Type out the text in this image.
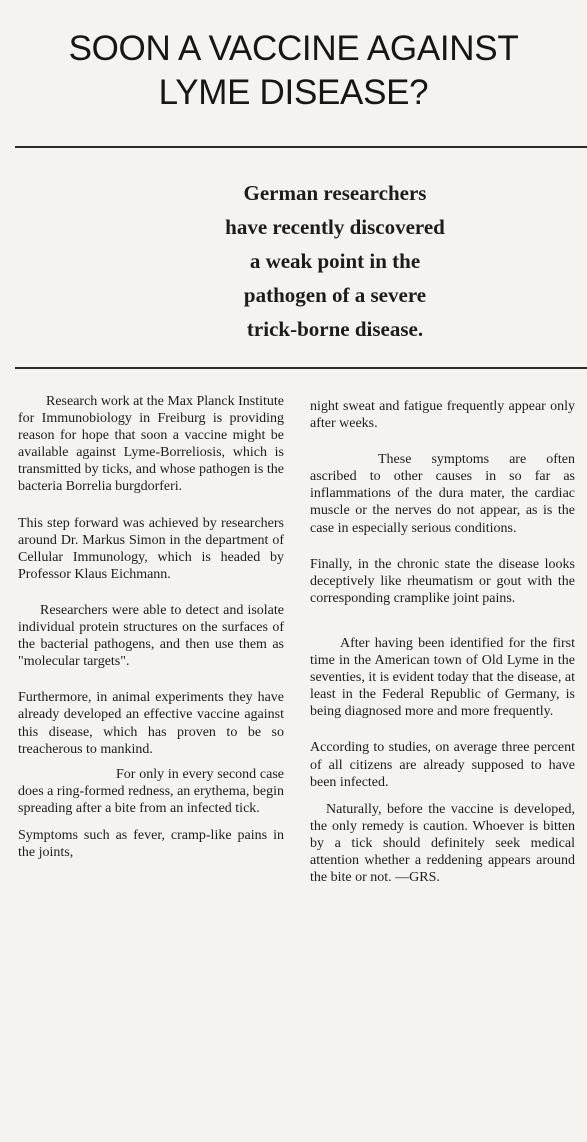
SOON A VACCINE AGAINST
LYME DISEASE?
German researchers
have recently discovered
a weak point in the
pathogen of a severe
trick-borne disease.

Research work at the Max Planck Institute for Immunobiology in Freiburg is providing reason for hope that soon a vaccine might be available against Lyme-Borreliosis, which is transmitted by ticks, and whose pathogen is the bacteria Borrelia burgdorferi.

This step forward was achieved by researchers around Dr. Markus Simon in the department of Cellular Immunology, which is headed by Professor Klaus Eichmann.

Researchers were able to detect and isolate individual protein structures on the surfaces of the bacterial pathogens, and then use them as "molecular targets".

Furthermore, in animal experiments they have already developed an effective vaccine against this disease, which has proven to be so treacherous to mankind.

For only in every second case does a ring-formed redness, an erythema, begin spreading after a bite from an infected tick.

Symptoms such as fever, cramp-like pains in the joints,

night sweat and fatigue frequently appear only after weeks.

These symptoms are often ascribed to other causes in so far as inflammations of the dura mater, the cardiac muscle or the nerves do not appear, as is the case in especially serious conditions.

Finally, in the chronic state the disease looks deceptively like rheumatism or gout with the corresponding cramplike joint pains.

After having been identified for the first time in the American town of Old Lyme in the seventies, it is evident today that the disease, at least in the Federal Republic of Germany, is being diagnosed more and more frequently.

According to studies, on average three percent of all citizens are already supposed to have been infected.

Naturally, before the vaccine is developed, the only remedy is caution. Whoever is bitten by a tick should definitely seek medical attention whether a reddening appears around the bite or not. —GRS.
